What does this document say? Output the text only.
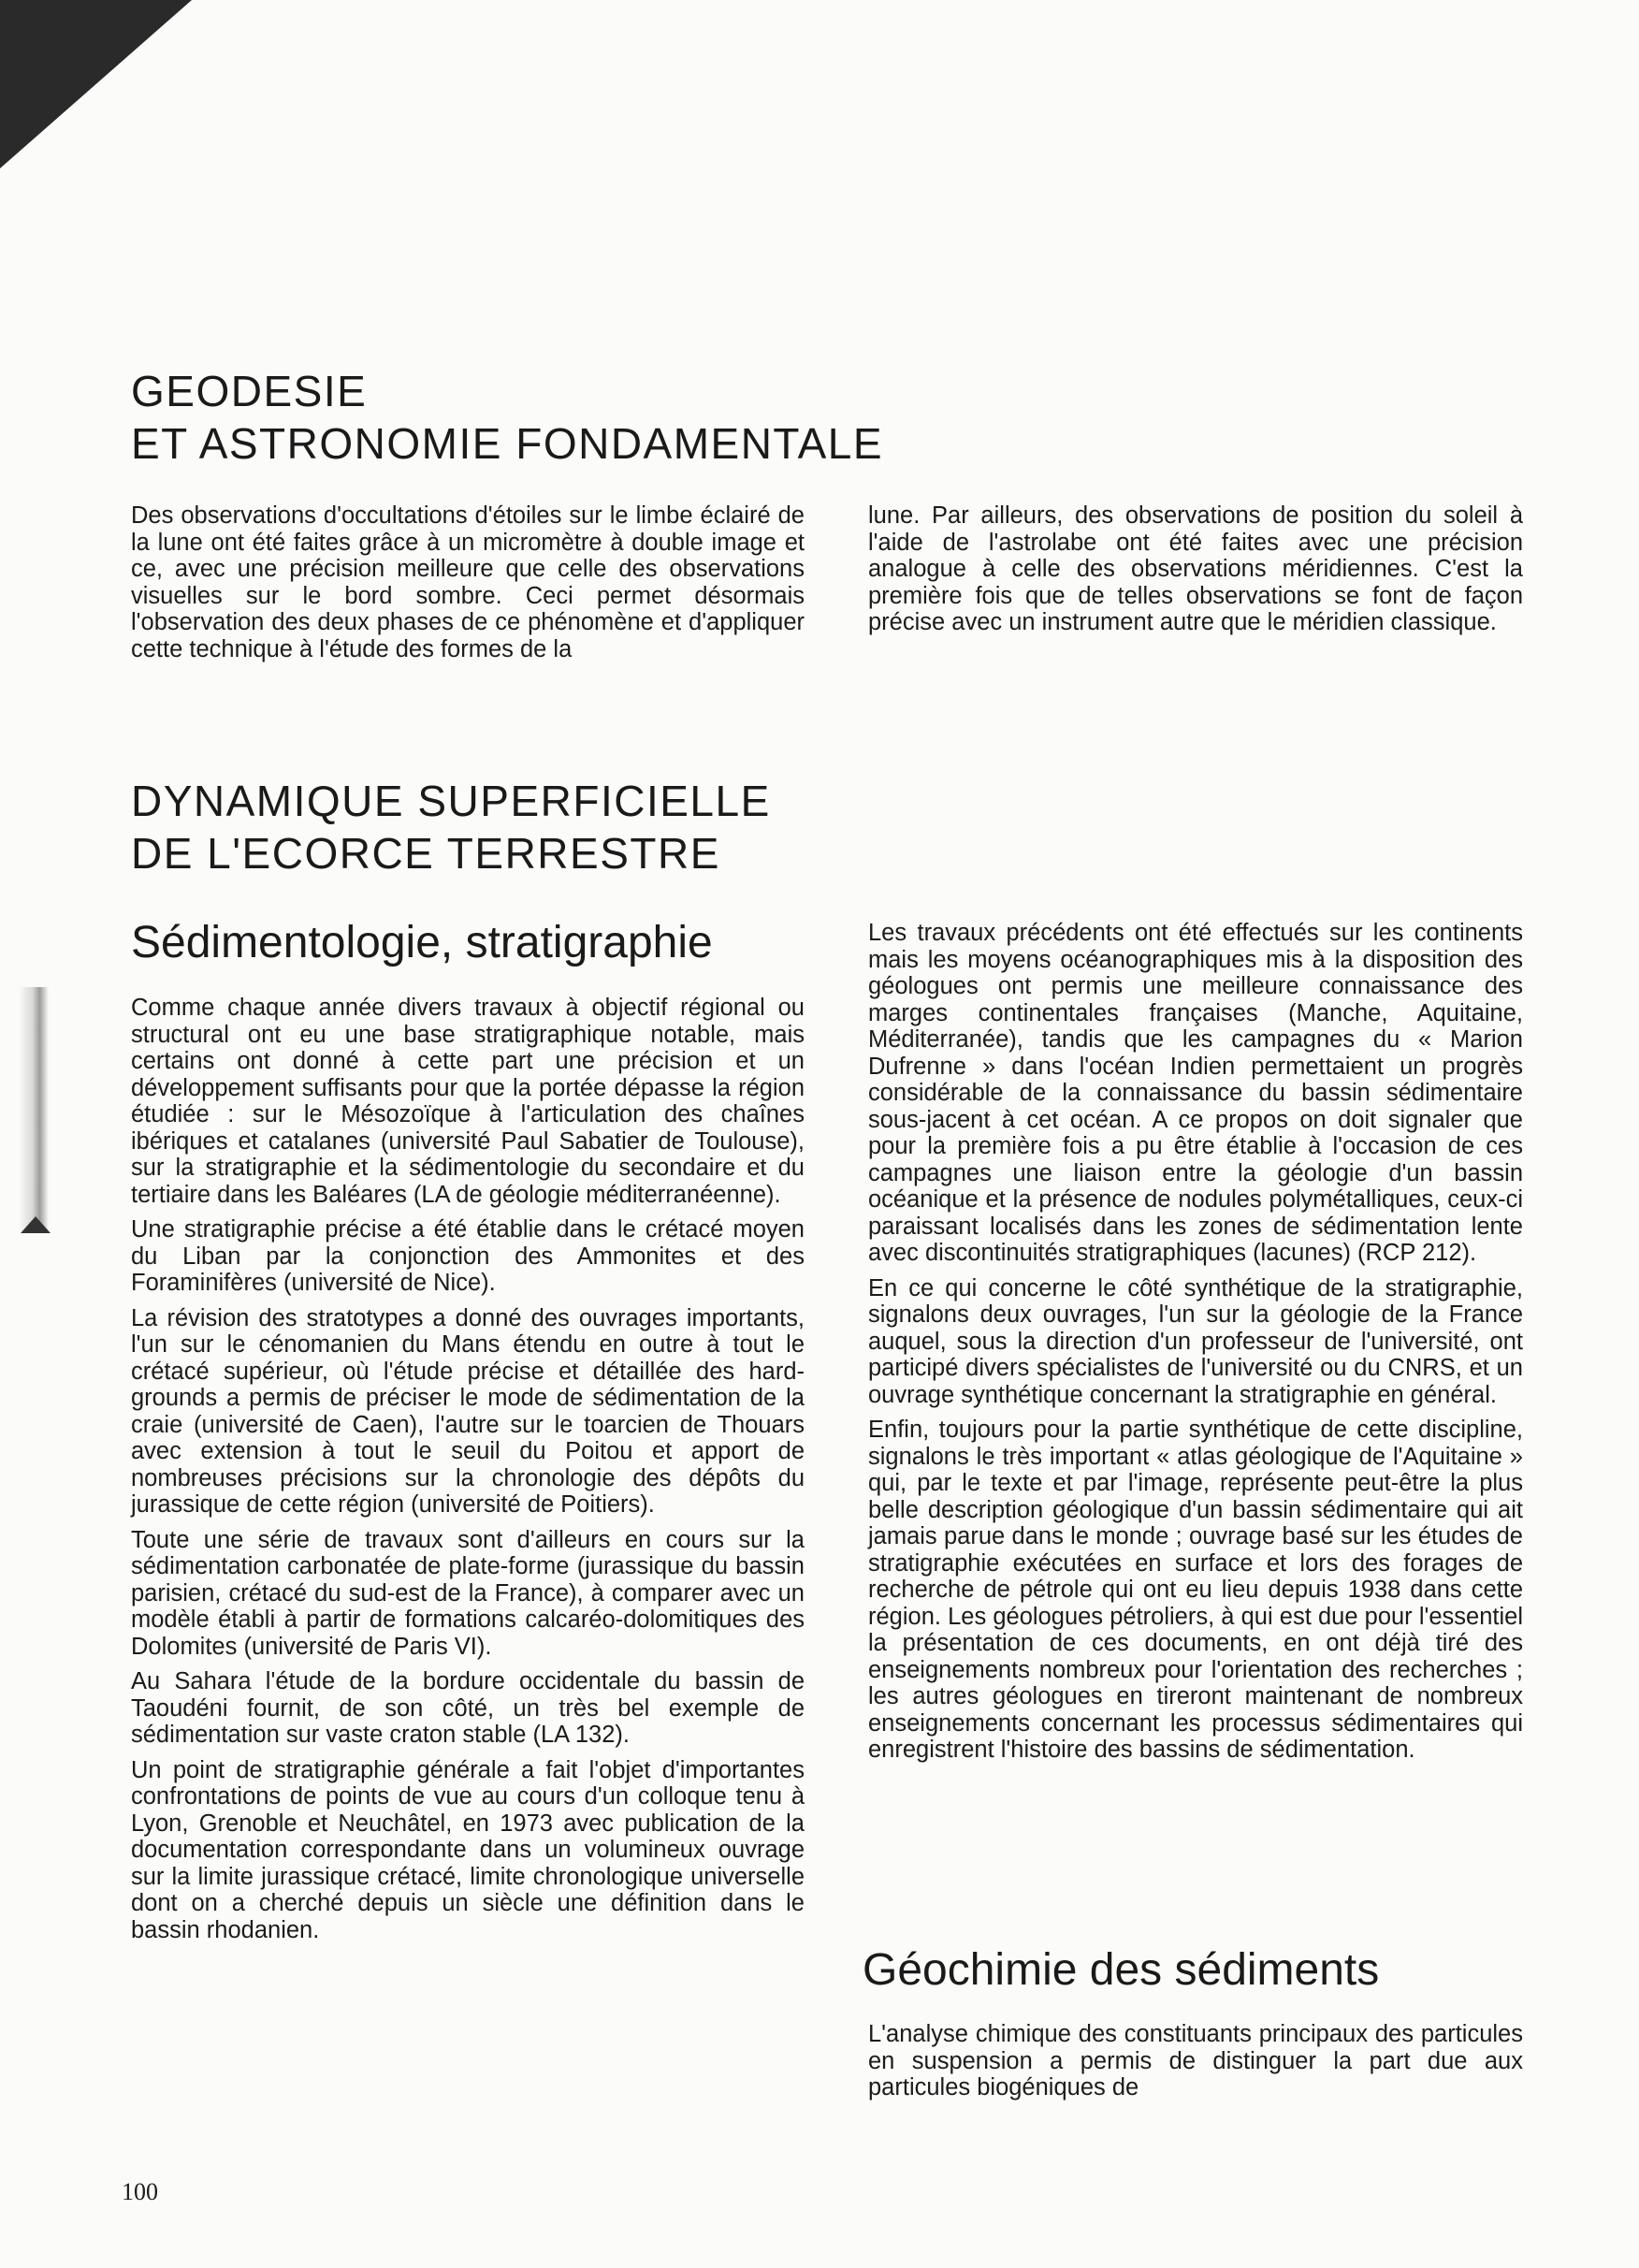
GEODESIE
ET ASTRONOMIE FONDAMENTALE

Des observations d'occultations d'étoiles sur le limbe éclairé de la lune ont été faites grâce à un micromètre à double image et ce, avec une précision meilleure que celle des observations visuelles sur le bord sombre. Ceci permet désormais l'observation des deux phases de ce phénomène et d'appliquer cette technique à l'étude des formes de la

lune. Par ailleurs, des observations de position du soleil à l'aide de l'astrolabe ont été faites avec une précision analogue à celle des observations méridiennes. C'est la première fois que de telles observations se font de façon précise avec un instrument autre que le méridien classique.

DYNAMIQUE SUPERFICIELLE
DE L'ECORCE TERRESTRE
Sédimentologie, stratigraphie

Comme chaque année divers travaux à objectif régional ou structural ont eu une base stratigraphique notable, mais certains ont donné à cette part une précision et un développement suffisants pour que la portée dépasse la région étudiée : sur le Mésozoïque à l'articulation des chaînes ibériques et catalanes (université Paul Sabatier de Toulouse), sur la stratigraphie et la sédimentologie du secondaire et du tertiaire dans les Baléares (LA de géologie méditerranéenne).

Une stratigraphie précise a été établie dans le crétacé moyen du Liban par la conjonction des Ammonites et des Foraminifères (université de Nice).

La révision des stratotypes a donné des ouvrages importants, l'un sur le cénomanien du Mans étendu en outre à tout le crétacé supérieur, où l'étude précise et détaillée des hard-grounds a permis de préciser le mode de sédimentation de la craie (université de Caen), l'autre sur le toarcien de Thouars avec extension à tout le seuil du Poitou et apport de nombreuses précisions sur la chronologie des dépôts du jurassique de cette région (université de Poitiers).

Toute une série de travaux sont d'ailleurs en cours sur la sédimentation carbonatée de plate-forme (jurassique du bassin parisien, crétacé du sud-est de la France), à comparer avec un modèle établi à partir de formations calcaréo-dolomitiques des Dolomites (université de Paris VI).

Au Sahara l'étude de la bordure occidentale du bassin de Taoudéni fournit, de son côté, un très bel exemple de sédimentation sur vaste craton stable (LA 132).

Un point de stratigraphie générale a fait l'objet d'importantes confrontations de points de vue au cours d'un colloque tenu à Lyon, Grenoble et Neuchâtel, en 1973 avec publication de la documentation correspondante dans un volumineux ouvrage sur la limite jurassique crétacé, limite chronologique universelle dont on a cherché depuis un siècle une définition dans le bassin rhodanien.

Les travaux précédents ont été effectués sur les continents mais les moyens océanographiques mis à la disposition des géologues ont permis une meilleure connaissance des marges continentales françaises (Manche, Aquitaine, Méditerranée), tandis que les campagnes du « Marion Dufrenne » dans l'océan Indien permettaient un progrès considérable de la connaissance du bassin sédimentaire sous-jacent à cet océan. A ce propos on doit signaler que pour la première fois a pu être établie à l'occasion de ces campagnes une liaison entre la géologie d'un bassin océanique et la présence de nodules polymétalliques, ceux-ci paraissant localisés dans les zones de sédimentation lente avec discontinuités stratigraphiques (lacunes) (RCP 212).

En ce qui concerne le côté synthétique de la stratigraphie, signalons deux ouvrages, l'un sur la géologie de la France auquel, sous la direction d'un professeur de l'université, ont participé divers spécialistes de l'université ou du CNRS, et un ouvrage synthétique concernant la stratigraphie en général.

Enfin, toujours pour la partie synthétique de cette discipline, signalons le très important « atlas géologique de l'Aquitaine » qui, par le texte et par l'image, représente peut-être la plus belle description géologique d'un bassin sédimentaire qui ait jamais parue dans le monde ; ouvrage basé sur les études de stratigraphie exécutées en surface et lors des forages de recherche de pétrole qui ont eu lieu depuis 1938 dans cette région. Les géologues pétroliers, à qui est due pour l'essentiel la présentation de ces documents, en ont déjà tiré des enseignements nombreux pour l'orientation des recherches ; les autres géologues en tireront maintenant de nombreux enseignements concernant les processus sédimentaires qui enregistrent l'histoire des bassins de sédimentation.

Géochimie des sédiments

L'analyse chimique des constituants principaux des particules en suspension a permis de distinguer la part due aux particules biogéniques de

100
